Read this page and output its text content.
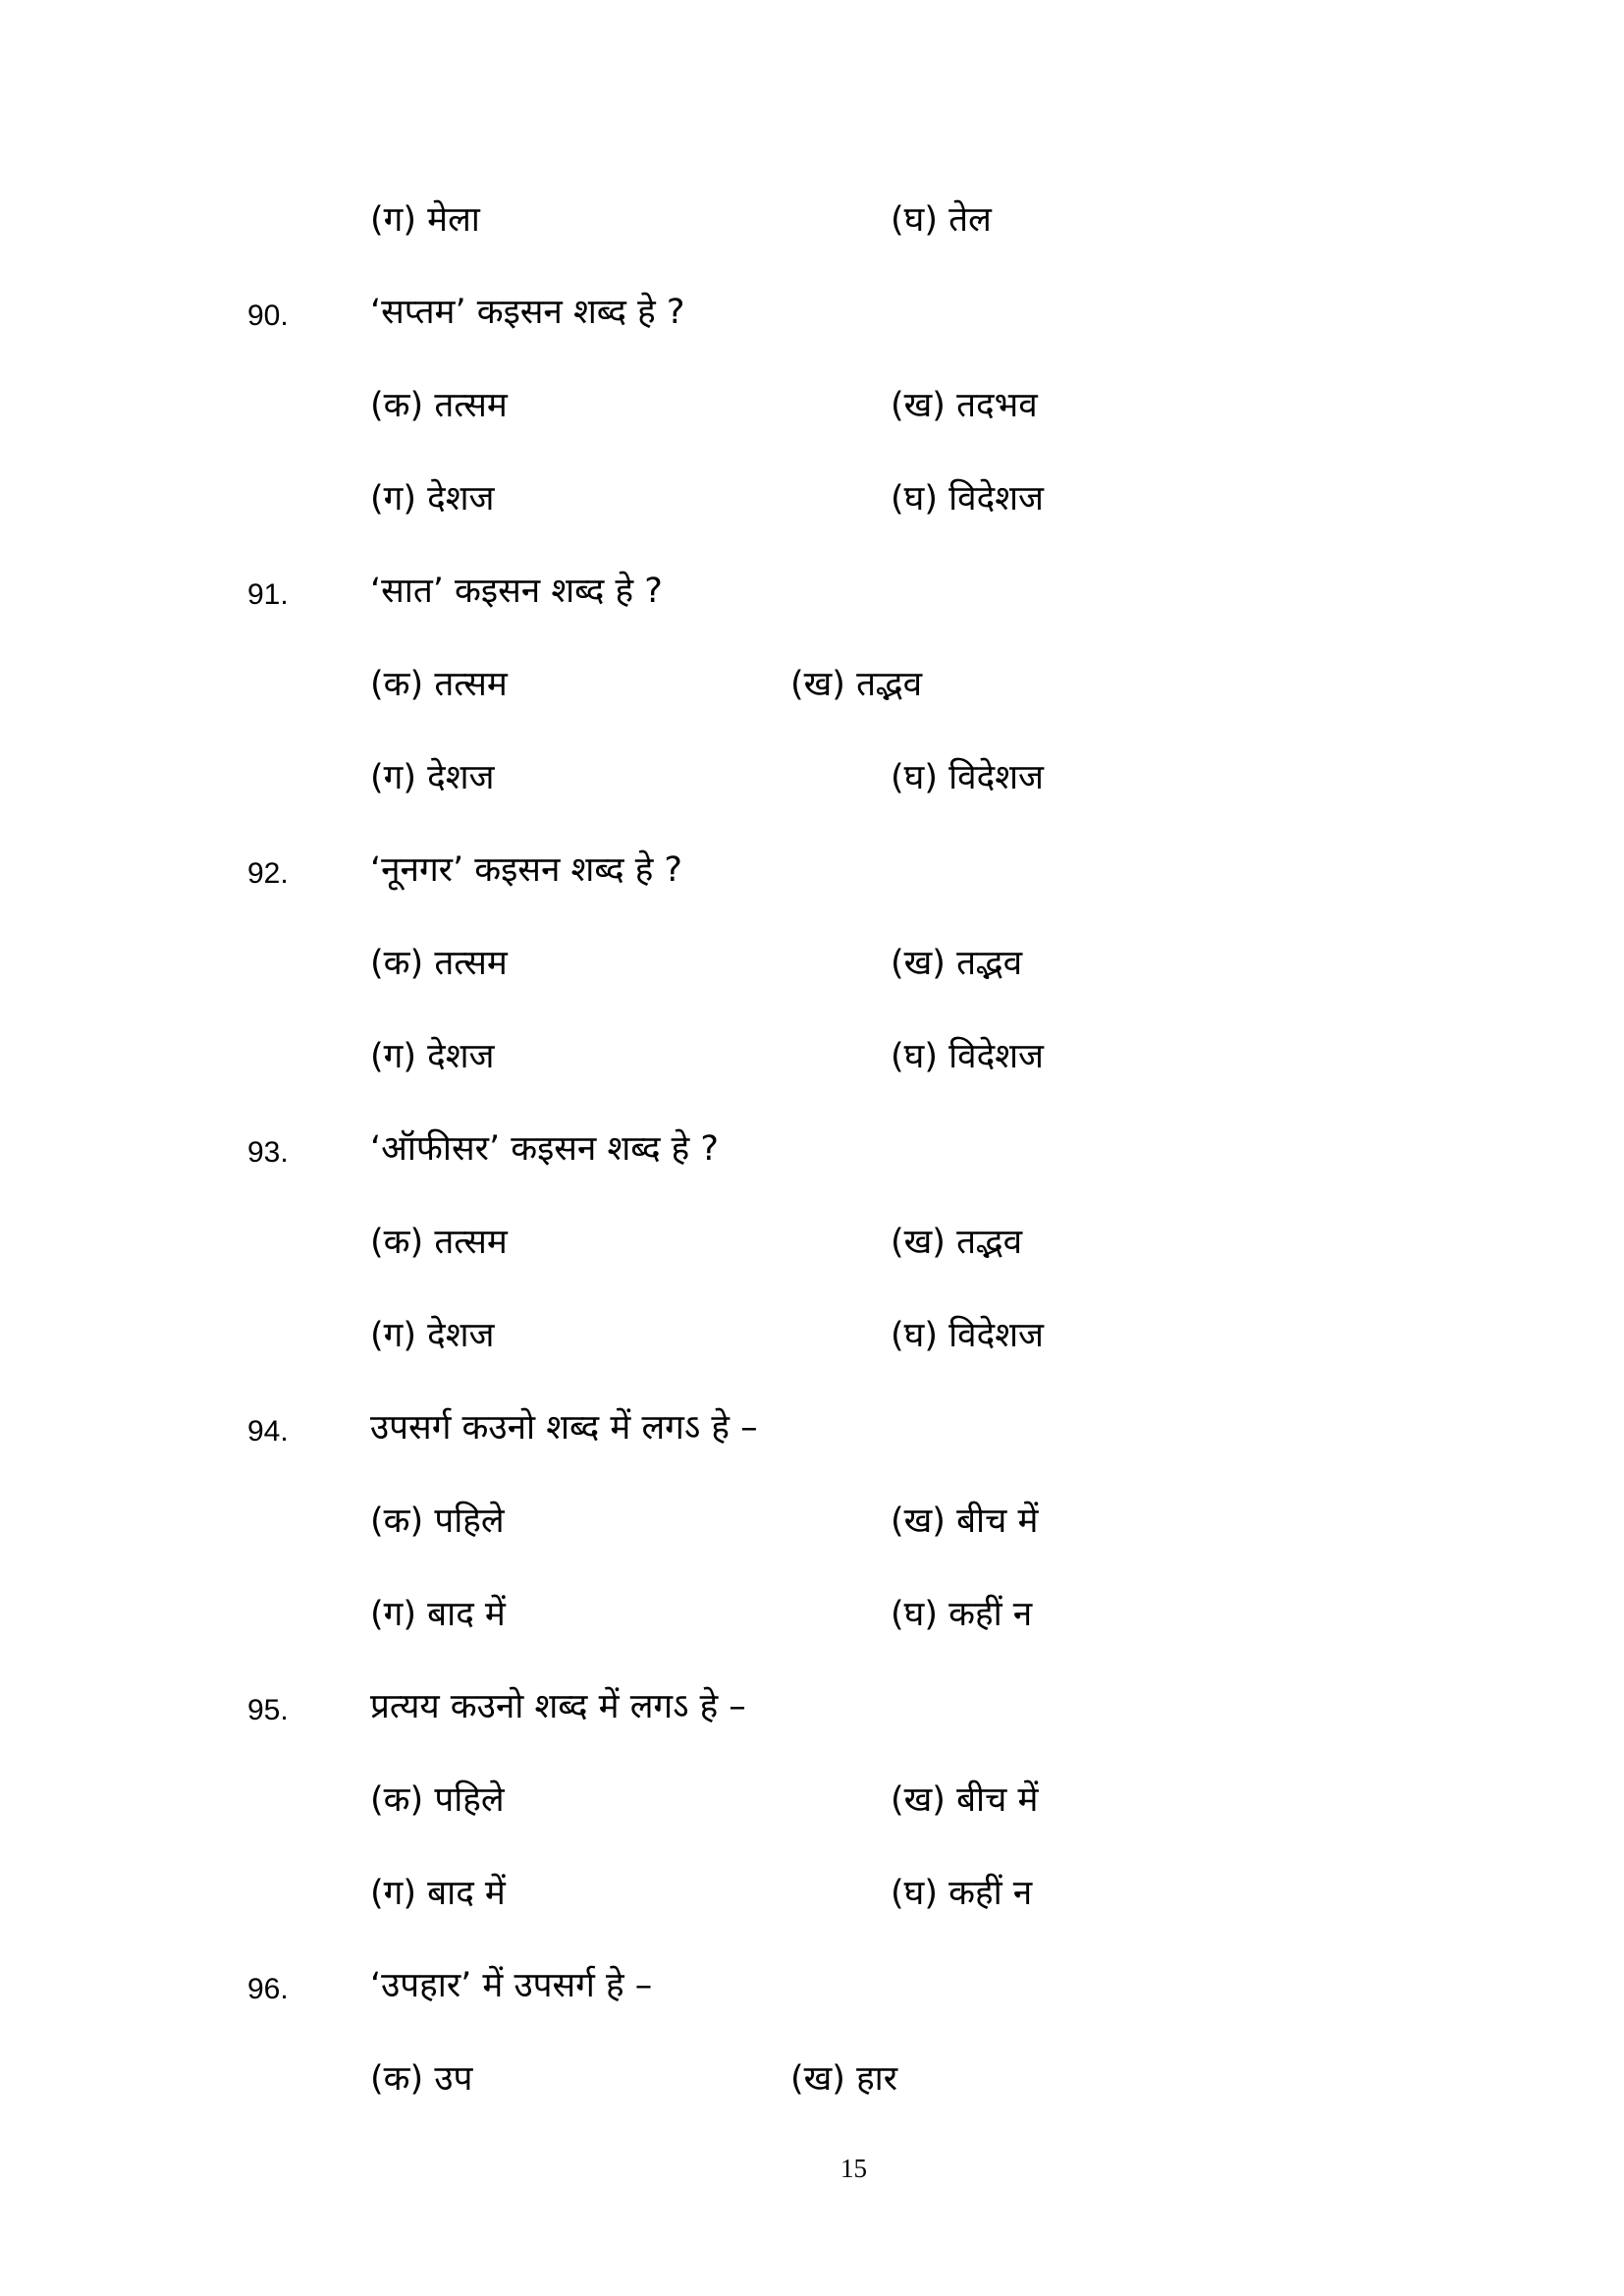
(ग) मेला	(घ) तेल
90. ‘सप्तम’ कइसन शब्द हे ?
(क) तत्सम	(ख) तदभव
(ग) देशज	(घ) विदेशज
91. ‘सात’ कइसन शब्द हे ?
(क) तत्सम	(ख) तद्भव
(ग) देशज	(घ) विदेशज
92. ‘नूनगर’ कइसन शब्द हे ?
(क) तत्सम	(ख) तद्भव
(ग) देशज	(घ) विदेशज
93. ‘ऑफीसर’ कइसन शब्द हे ?
(क) तत्सम	(ख) तद्भव
(ग) देशज	(घ) विदेशज
94. उपसर्ग कउनो शब्द में लगऽ हे –
(क) पहिले	(ख) बीच में
(ग) बाद में	(घ) कहीं न
95. प्रत्यय कउनो शब्द में लगऽ हे –
(क) पहिले	(ख) बीच में
(ग) बाद में	(घ) कहीं न
96. ‘उपहार’ में उपसर्ग हे –
(क) उप	(ख) हार
15
